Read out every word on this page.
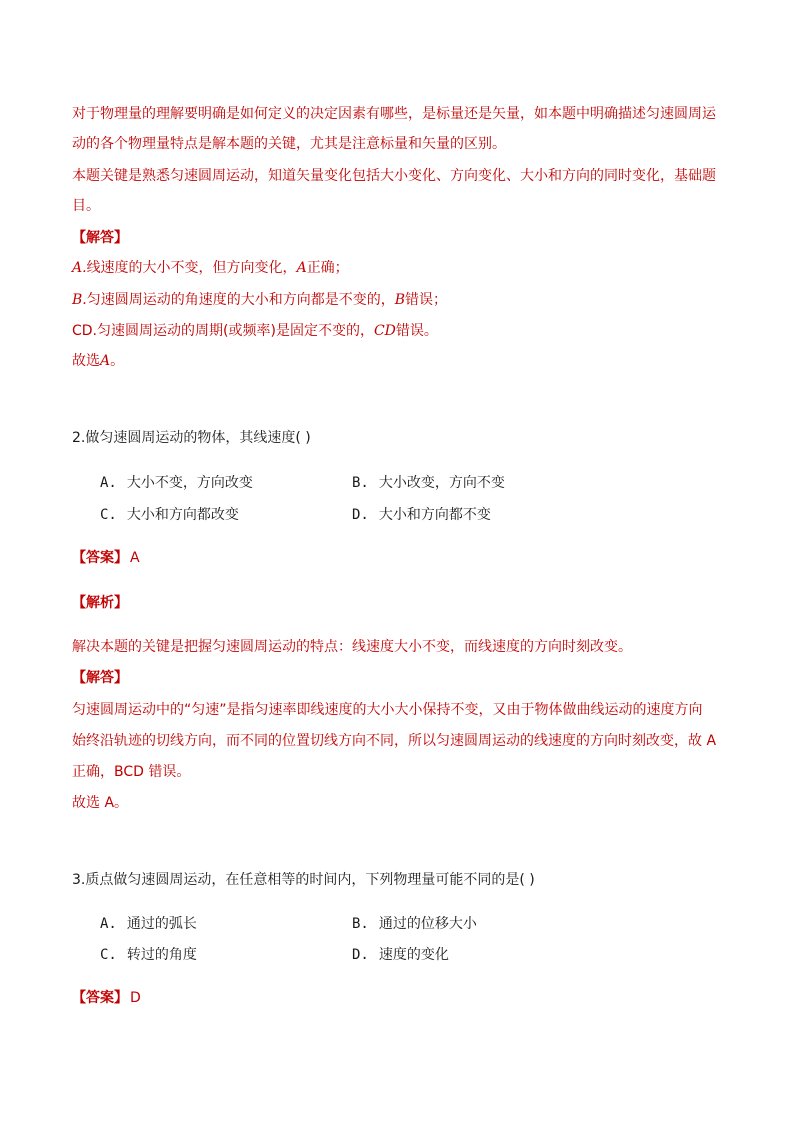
对于物理量的理解要明确是如何定义的决定因素有哪些，是标量还是矢量，如本题中明确描述匀速圆周运
动的各个物理量特点是解本题的关键，尤其是注意标量和矢量的区别。
本题关键是熟悉匀速圆周运动，知道矢量变化包括大小变化、方向变化、大小和方向的同时变化，基础题
目。
【解答】
A.线速度的大小不变，但方向变化，A正确；
B.匀速圆周运动的角速度的大小和方向都是不变的，B错误；
CD.匀速圆周运动的周期(或频率)是固定不变的，CD错误。
故选A。
2.做匀速圆周运动的物体，其线速度( )
A. 大小不变，方向改变	B. 大小改变，方向不变
C. 大小和方向都改变	D. 大小和方向都不变
【答案】 A
【解析】
解决本题的关键是把握匀速圆周运动的特点：线速度大小不变，而线速度的方向时刻改变。
【解答】
匀速圆周运动中的“匀速”是指匀速率即线速度的大小大小保持不变，又由于物体做曲线运动的速度方向
始终沿轨迹的切线方向，而不同的位置切线方向不同，所以匀速圆周运动的线速度的方向时刻改变，故 A
正确，BCD 错误。
故选 A。
3.质点做匀速圆周运动，在任意相等的时间内，下列物理量可能不同的是( )
A. 通过的弧长	B. 通过的位移大小
C. 转过的角度	D. 速度的变化
【答案】 D
